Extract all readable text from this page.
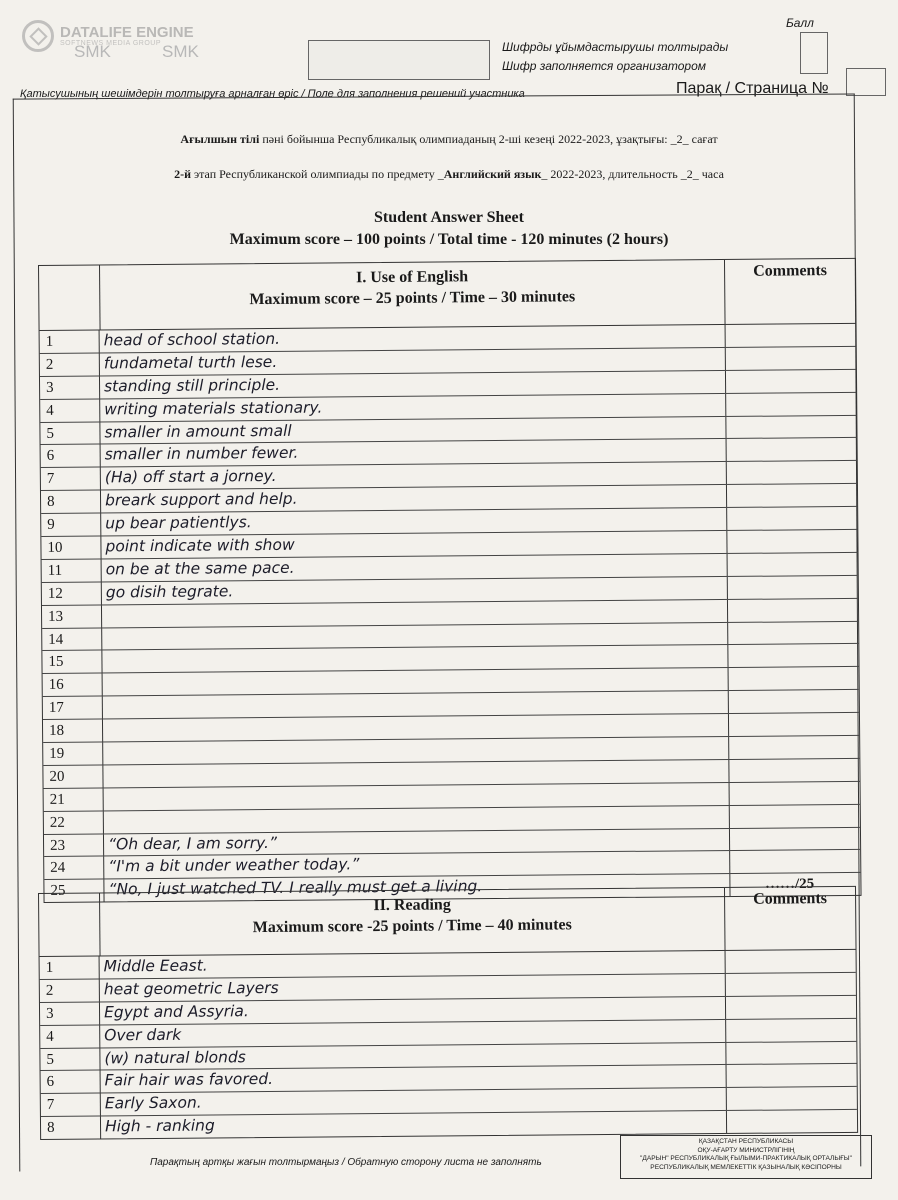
DATALIFE ENGINE
SOFTNEWS MEDIA GROUP
SMK	SMK	Шифрды ұйымдастырушы толтырады
Шифр заполняется организатором
Балл
Қатысушының шешімдерін толтыруға арналған өріс / Поле для заполнения решений участника	Парақ / Страница №
Ағылшын тілі пәні бойынша Республикалық олимпиаданың 2-ші кезеңі 2022-2023, ұзақтығы: _2_ сағат
2-й этап Республиканской олимпиады по предмету _Английский язык_ 2022-2023, длительность _2_ часа
Student Answer Sheet
Maximum score – 100 points / Total time - 120 minutes (2 hours)
I. Use of English
Maximum score – 25 points / Time – 30 minutes
Comments
1	head of school station.
2	fundametal turth lese.
3	standing still principle.
4	writing materials stationary.
5	smaller in amount small
6	smaller in number fewer.
7	(Ha) off start a jorney.
8	breark support and help.
9	up bear patientlys.
10	point indicate with show
11	on be at the same pace.
12	go disih tegrate.
13
14
15
16
17
18
19
20
21
22
23	“Oh dear, I am sorry.”
24	“I'm a bit under weather today.”
25	“No, I just watched TV. I really must get a living.	……/25
II. Reading
Maximum score -25 points / Time – 40 minutes
Comments
1	Middle Eeast.
2	heat geometric Layers
3	Egypt and Assyria.
4	Over dark
5	(w) natural blonds
6	Fair hair was favored.
7	Early Saxon.
8	High - ranking
Парақтың артқы жағын толтырмаңыз / Обратную сторону листа не заполнять
ҚАЗАҚСТАН РЕСПУБЛИКАСЫ
ОҚУ-АҒАРТУ МИНИСТРЛІГІНІҢ
"ДАРЫН" РЕСПУБЛИКАЛЫҚ ҒЫЛЫМИ-ПРАКТИКАЛЫҚ ОРТАЛЫҒЫ"
РЕСПУБЛИКАЛЫҚ МЕМЛЕКЕТТІК ҚАЗЫНАЛЫҚ КӘСІПОРНЫ
